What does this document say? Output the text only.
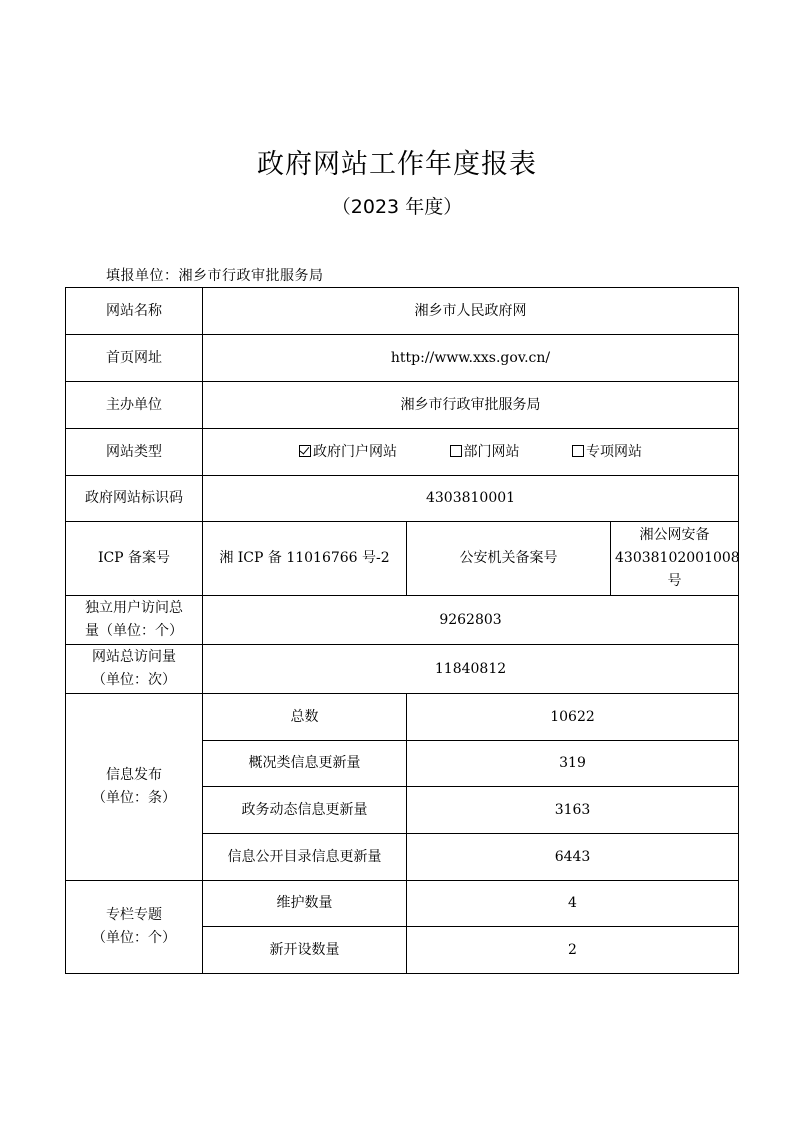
政府网站工作年度报表
（2023 年度）
填报单位：湘乡市行政审批服务局
网站名称	湘乡市人民政府网		
首页网址	http://www.xxs.gov.cn/		
主办单位	湘乡市行政审批服务局		
网站类型	政府门户网站 部门网站 专项网站		
政府网站标识码	4303810001		
ICP 备案号	湘 ICP 备 11016766 号-2	公安机关备案号	湘公网安备
43038102001008
号

独立用户访问总
量（单位：个）	9262803		

网站总访问量
（单位：次）	11840812		

信息发布
（单位：条）	总数	10622	
	概况类信息更新量	319	
	政务动态信息更新量	3163	
	信息公开目录信息更新量	6443	

专栏专题
（单位：个）	维护数量	4	
	新开设数量	2	
